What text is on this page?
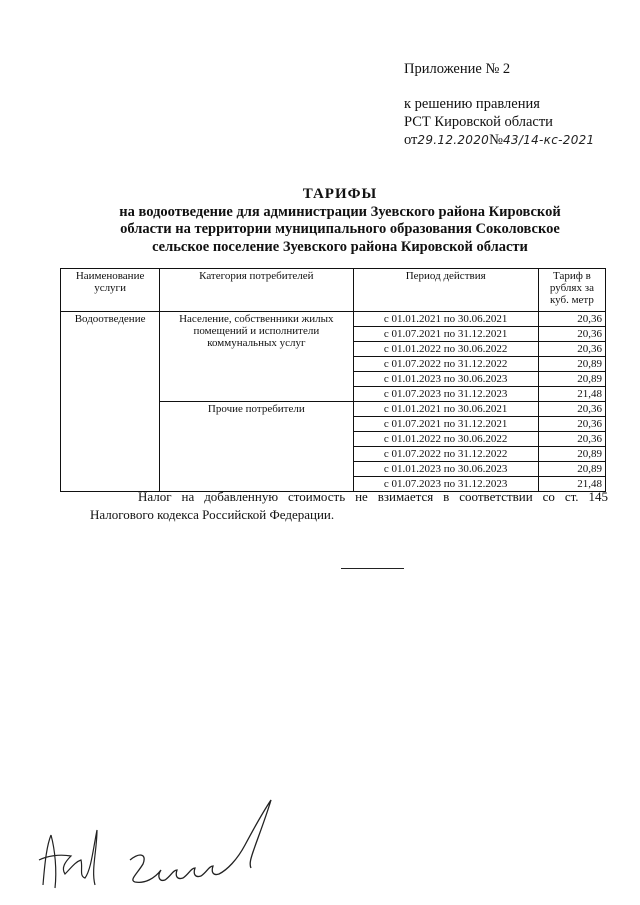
Приложение № 2
к решению правления
РСТ Кировской области
от29.12.2020№43/14-кс-2021
ТАРИФЫ
на водоотведение для администрации Зуевского района Кировской
области на территории муниципального образования Соколовское
сельское поселение Зуевского района Кировской области
Наименование услуги	Категория потребителей	Период действия	Тариф в рублях за куб. метр
Водоотведение	Население, собственники жилых помещений и исполнители коммунальных услуг	с 01.01.2021 по 30.06.2021	20,36
		с 01.07.2021 по 31.12.2021	20,36
		с 01.01.2022 по 30.06.2022	20,36
		с 01.07.2022 по 31.12.2022	20,89
		с 01.01.2023 по 30.06.2023	20,89
		с 01.07.2023 по 31.12.2023	21,48
	Прочие потребители	с 01.01.2021 по 30.06.2021	20,36
		с 01.07.2021 по 31.12.2021	20,36
		с 01.01.2022 по 30.06.2022	20,36
		с 01.07.2022 по 31.12.2022	20,89
		с 01.01.2023 по 30.06.2023	20,89
		с 01.07.2023 по 31.12.2023	21,48
Налог на добавленную стоимость не взимается в соответствии со ст. 145 Налогового кодекса Российской Федерации.
